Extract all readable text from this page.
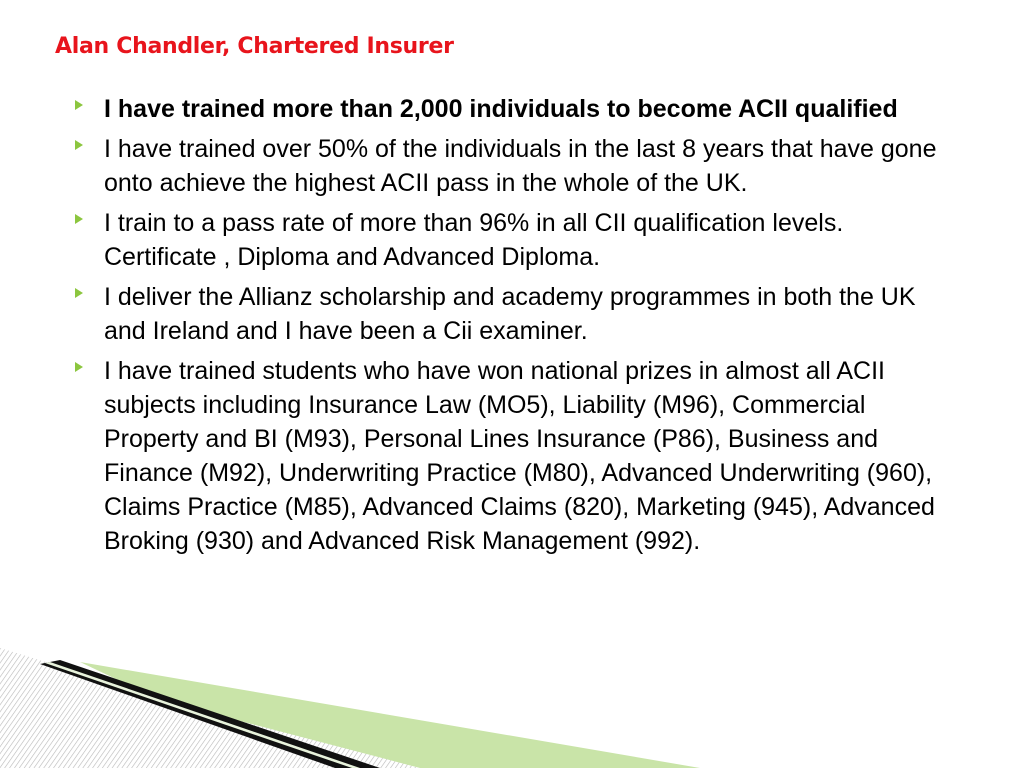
Alan Chandler, Chartered Insurer
I have trained more than 2,000 individuals to become ACII qualified
I have trained over 50% of the individuals in the last 8 years that have gone onto achieve the highest ACII pass in the whole of the UK.
I train to a pass rate of more than 96% in all CII qualification levels. Certificate , Diploma and Advanced Diploma.
I deliver the Allianz scholarship and academy programmes in both the UK and Ireland and I have been a Cii examiner.
I have trained students who have won national prizes in almost all ACII subjects including Insurance Law (MO5), Liability (M96), Commercial Property and BI (M93), Personal Lines Insurance (P86), Business and Finance (M92), Underwriting Practice (M80), Advanced Underwriting (960), Claims Practice (M85), Advanced Claims (820), Marketing (945), Advanced Broking (930) and Advanced Risk Management (992).
